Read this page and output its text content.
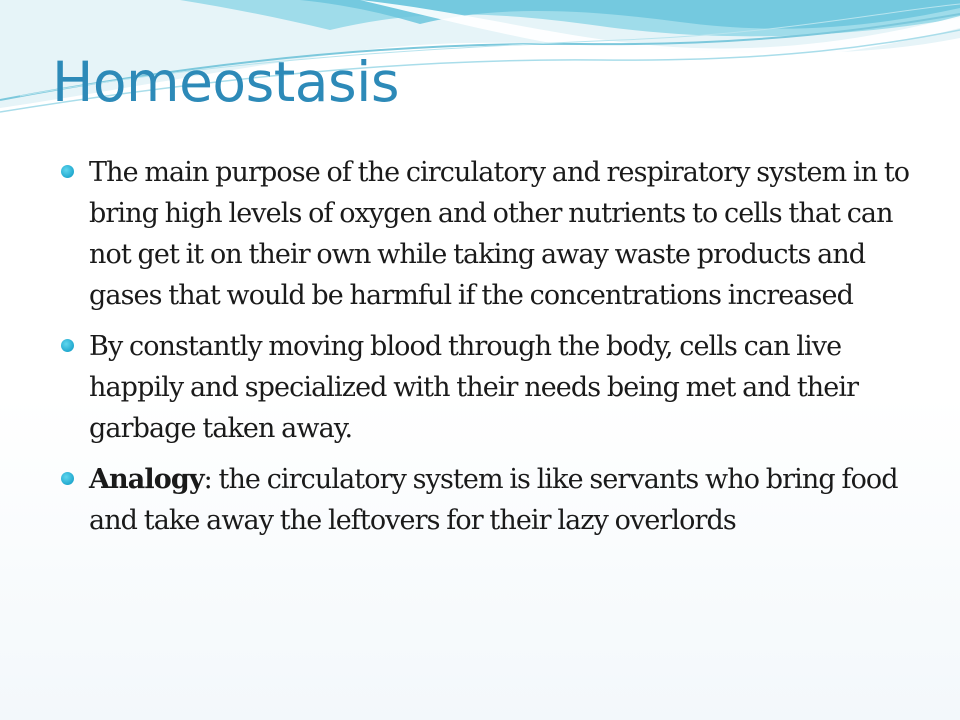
Homeostasis
The main purpose of the circulatory and respiratory system in to bring high levels of oxygen and other nutrients to cells that can not get it on their own while taking away waste products and gases that would be harmful if the concentrations increased
By constantly moving blood through the body, cells can live happily and specialized with their needs being met and their garbage taken away.
Analogy: the circulatory system is like servants who bring food and take away the leftovers for their lazy overlords
